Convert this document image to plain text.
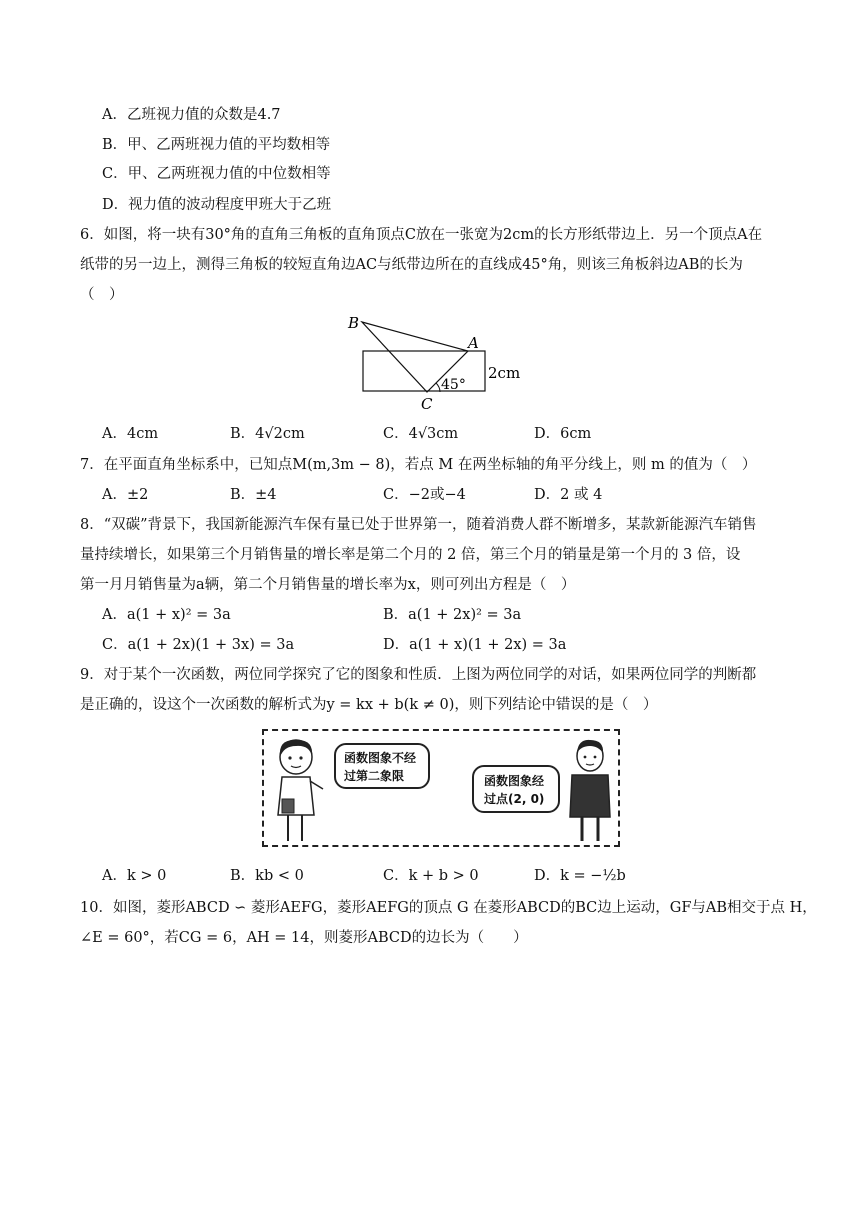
A．乙班视力值的众数是4.7
B．甲、乙两班视力值的平均数相等
C．甲、乙两班视力值的中位数相等
D．视力值的波动程度甲班大于乙班
6．如图，将一块有30°角的直角三角板的直角顶点C放在一张宽为2cm的长方形纸带边上．另一个顶点A在
纸带的另一边上，测得三角板的较短直角边AC与纸带边所在的直线成45°角，则该三角板斜边AB的长为
（　）
B
A
C
45°
2cm
A．4cm	B．4√2cm	C．4√3cm	D．6cm
7．在平面直角坐标系中，已知点M(m,3m − 8)，若点 M 在两坐标轴的角平分线上，则 m 的值为（　）
A．±2	B．±4	C．−2或−4	D．2 或 4
8．“双碳”背景下，我国新能源汽车保有量已处于世界第一，随着消费人群不断增多，某款新能源汽车销售
量持续增长，如果第三个月销售量的增长率是第二个月的 2 倍，第三个月的销量是第一个月的 3 倍，设
第一月月销售量为a辆，第二个月销售量的增长率为x，则可列出方程是（　）
A．a(1 + x)² = 3a	B．a(1 + 2x)² = 3a
C．a(1 + 2x)(1 + 3x) = 3a	D．a(1 + x)(1 + 2x) = 3a
9．对于某个一次函数，两位同学探究了它的图象和性质．上图为两位同学的对话，如果两位同学的判断都
是正确的，设这个一次函数的解析式为y = kx + b(k ≠ 0)，则下列结论中错误的是（　）
函数图象不经
过第二象限	函数图象经
过点(2, 0)
A．k > 0	B．kb < 0	C．k + b > 0	D．k = −½b
10．如图，菱形ABCD ∽ 菱形AEFG，菱形AEFG的顶点 G 在菱形ABCD的BC边上运动，GF与AB相交于点 H，
∠E = 60°，若CG = 6，AH = 14，则菱形ABCD的边长为（　　）
